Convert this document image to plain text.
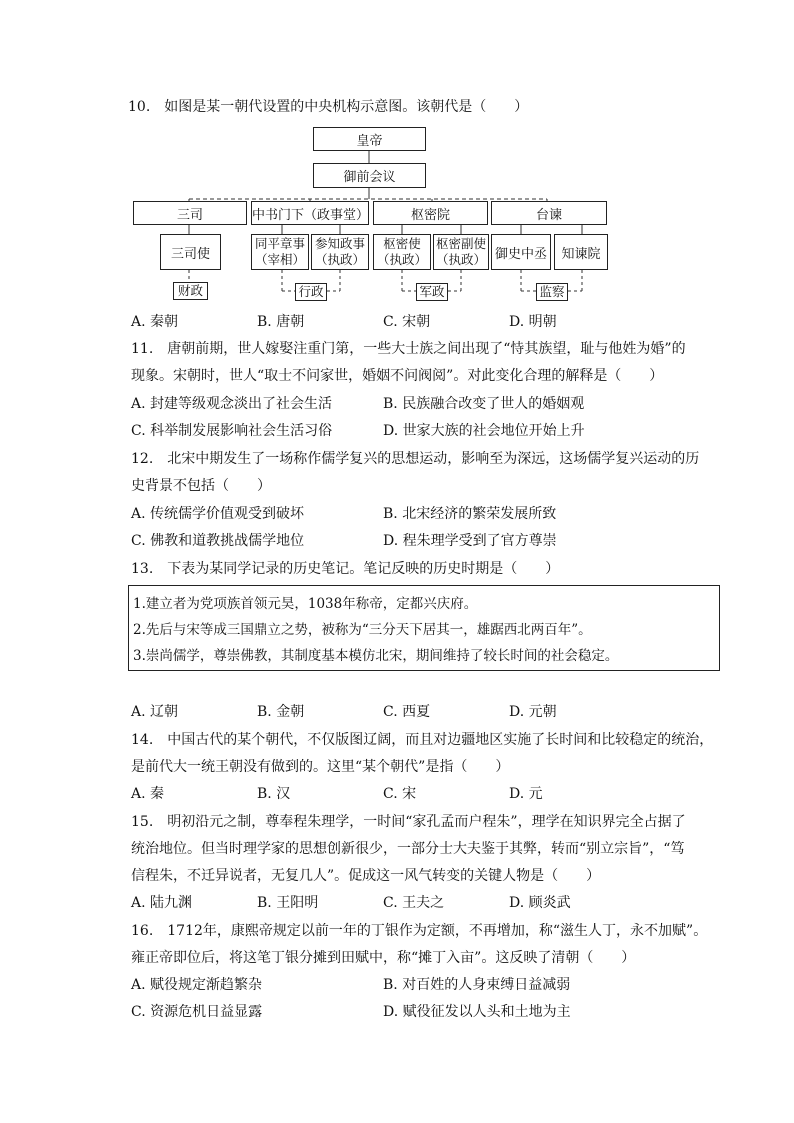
10.　如图是某一朝代设置的中央机构示意图。该朝代是（　　）
皇帝
御前会议
三司	中书门下（政事堂）	枢密院	台谏
三司使
同平章事
（宰相）
参知政事
（执政）
枢密使
（执政）
枢密副使
（执政） 御史中丞	知谏院
财政	行政	军政	监察
A. 秦朝	B. 唐朝	C. 宋朝	D. 明朝
11.　唐朝前期，世人嫁娶注重门第，一些大士族之间出现了“恃其族望，耻与他姓为婚”的
现象。宋朝时，世人“取士不问家世，婚姻不问阀阅”。对此变化合理的解释是（　　）
A. 封建等级观念淡出了社会生活	B. 民族融合改变了世人的婚姻观
C. 科举制发展影响社会生活习俗	D. 世家大族的社会地位开始上升
12.　北宋中期发生了一场称作儒学复兴的思想运动，影响至为深远，这场儒学复兴运动的历
史背景不包括（　　）
A. 传统儒学价值观受到破坏	B. 北宋经济的繁荣发展所致
C. 佛教和道教挑战儒学地位	D. 程朱理学受到了官方尊崇
13.　下表为某同学记录的历史笔记。笔记反映的历史时期是（　　）
1.建立者为党项族首领元昊，1038年称帝，定都兴庆府。
2.先后与宋等成三国鼎立之势，被称为“三分天下居其一，雄踞西北两百年”。
3.崇尚儒学，尊崇佛教，其制度基本模仿北宋，期间维持了较长时间的社会稳定。
A. 辽朝	B. 金朝	C. 西夏	D. 元朝
14.　中国古代的某个朝代，不仅版图辽阔，而且对边疆地区实施了长时间和比较稳定的统治，
是前代大一统王朝没有做到的。这里“某个朝代”是指（　　）
A. 秦	B. 汉	C. 宋	D. 元
15.　明初沿元之制，尊奉程朱理学，一时间“家孔孟而户程朱”，理学在知识界完全占据了
统治地位。但当时理学家的思想创新很少，一部分士大夫鉴于其弊，转而“别立宗旨”，“笃
信程朱，不迁异说者，无复几人”。促成这一风气转变的关键人物是（　　）
A. 陆九渊	B. 王阳明	C. 王夫之	D. 顾炎武
16.　1712年，康熙帝规定以前一年的丁银作为定额，不再增加，称“滋生人丁，永不加赋”。
雍正帝即位后，将这笔丁银分摊到田赋中，称“摊丁入亩”。这反映了清朝（　　）
A. 赋役规定渐趋繁杂	B. 对百姓的人身束缚日益减弱
C. 资源危机日益显露	D. 赋役征发以人头和土地为主
